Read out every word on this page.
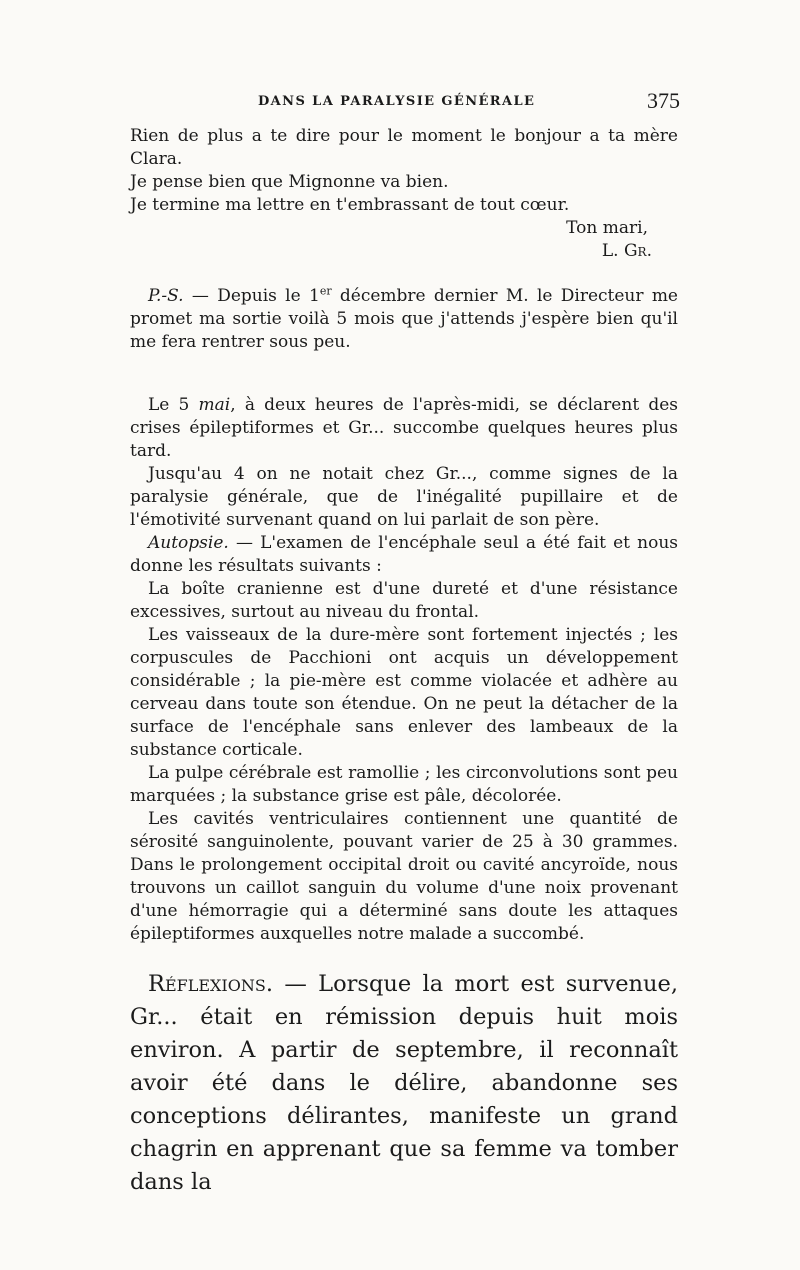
DANS LA PARALYSIE GÉNÉRALE	375

Rien de plus a te dire pour le moment le bonjour a ta mère Clara.

Je pense bien que Mignonne va bien.

Je termine ma lettre en t'embrassant de tout cœur.

Ton mari,

L. Gr.

P.-S. — Depuis le 1er décembre dernier M. le Directeur me promet ma sortie voilà 5 mois que j'attends j'espère bien qu'il me fera rentrer sous peu.

Le 5 mai, à deux heures de l'après-midi, se déclarent des crises épileptiformes et Gr... succombe quelques heures plus tard.

Jusqu'au 4 on ne notait chez Gr..., comme signes de la paralysie générale, que de l'inégalité pupillaire et de l'émotivité survenant quand on lui parlait de son père.

Autopsie. — L'examen de l'encéphale seul a été fait et nous donne les résultats suivants :

La boîte cranienne est d'une dureté et d'une résistance excessives, surtout au niveau du frontal.

Les vaisseaux de la dure-mère sont fortement injectés ; les corpuscules de Pacchioni ont acquis un développement considérable ; la pie-mère est comme violacée et adhère au cerveau dans toute son étendue. On ne peut la détacher de la surface de l'encéphale sans enlever des lambeaux de la substance corticale.

La pulpe cérébrale est ramollie ; les circonvolutions sont peu marquées ; la substance grise est pâle, décolorée.

Les cavités ventriculaires contiennent une quantité de sérosité sanguinolente, pouvant varier de 25 à 30 grammes. Dans le prolongement occipital droit ou cavité ancyroïde, nous trouvons un caillot sanguin du volume d'une noix provenant d'une hémorragie qui a déterminé sans doute les attaques épileptiformes auxquelles notre malade a succombé.

Réflexions. — Lorsque la mort est survenue, Gr... était en rémission depuis huit mois environ. A partir de septembre, il reconnaît avoir été dans le délire, abandonne ses conceptions délirantes, manifeste un grand chagrin en apprenant que sa femme va tomber dans la
